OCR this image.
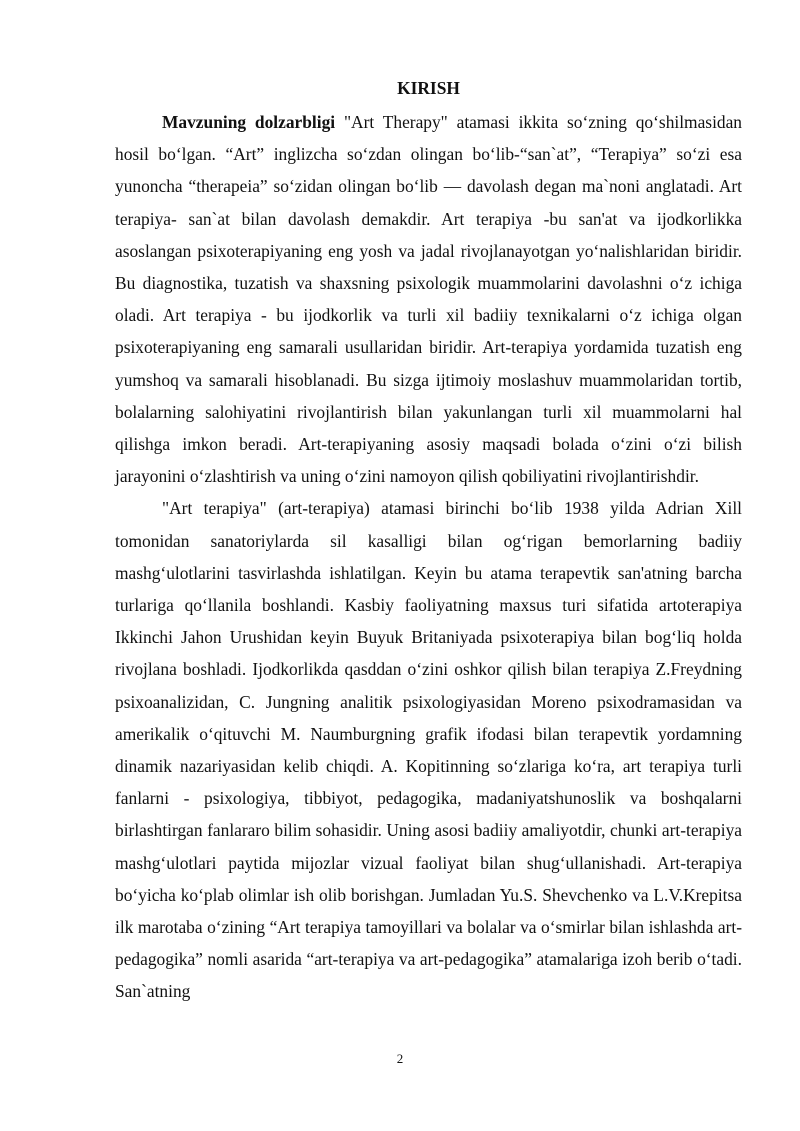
KIRISH

Mavzuning dolzarbligi "Art Therapy" atamasi ikkita so‘zning qo‘shilmasidan hosil bo‘lgan. “Art” inglizcha so‘zdan olingan bo‘lib-“san`at”, “Terapiya” so‘zi esa yunoncha “therapeia” so‘zidan olingan bo‘lib — davolash degan ma`noni anglatadi. Art terapiya- san`at bilan davolash demakdir. Art terapiya -bu san'at va ijodkorlikka asoslangan psixoterapiyaning eng yosh va jadal rivojlanayotgan yo‘nalishlaridan biridir. Bu diagnostika, tuzatish va shaxsning psixologik muammolarini davolashni o‘z ichiga oladi. Art terapiya - bu ijodkorlik va turli xil badiiy texnikalarni o‘z ichiga olgan psixoterapiyaning eng samarali usullaridan biridir. Art-terapiya yordamida tuzatish eng yumshoq va samarali hisoblanadi. Bu sizga ijtimoiy moslashuv muammolaridan tortib, bolalarning salohiyatini rivojlantirish bilan yakunlangan turli xil muammolarni hal qilishga imkon beradi. Art-terapiyaning asosiy maqsadi bolada o‘zini o‘zi bilish jarayonini o‘zlashtirish va uning o‘zini namoyon qilish qobiliyatini rivojlantirishdir.

"Art terapiya" (art-terapiya) atamasi birinchi bo‘lib 1938 yilda Adrian Xill tomonidan sanatoriylarda sil kasalligi bilan og‘rigan bemorlarning badiiy mashg‘ulotlarini tasvirlashda ishlatilgan. Keyin bu atama terapevtik san'atning barcha turlariga qo‘llanila boshlandi. Kasbiy faoliyatning maxsus turi sifatida artoterapiya Ikkinchi Jahon Urushidan keyin Buyuk Britaniyada psixoterapiya bilan bog‘liq holda rivojlana boshladi. Ijodkorlikda qasddan o‘zini oshkor qilish bilan terapiya Z.Freydning psixoanalizidan, C. Jungning analitik psixologiyasidan Moreno psixodramasidan va amerikalik o‘qituvchi M. Naumburgning grafik ifodasi bilan terapevtik yordamning dinamik nazariyasidan kelib chiqdi. A. Kopitinning so‘zlariga ko‘ra, art terapiya turli fanlarni - psixologiya, tibbiyot, pedagogika, madaniyatshunoslik va boshqalarni birlashtirgan fanlararo bilim sohasidir. Uning asosi badiiy amaliyotdir, chunki art-terapiya mashg‘ulotlari paytida mijozlar vizual faoliyat bilan shug‘ullanishadi. Art-terapiya bo‘yicha ko‘plab olimlar ish olib borishgan. Jumladan Yu.S. Shevchenko va L.V.Krepitsa ilk marotaba o‘zining “Art terapiya tamoyillari va bolalar va o‘smirlar bilan ishlashda art-pedagogika” nomli asarida “art-terapiya va art-pedagogika” atamalariga izoh berib o‘tadi. San`atning

2
